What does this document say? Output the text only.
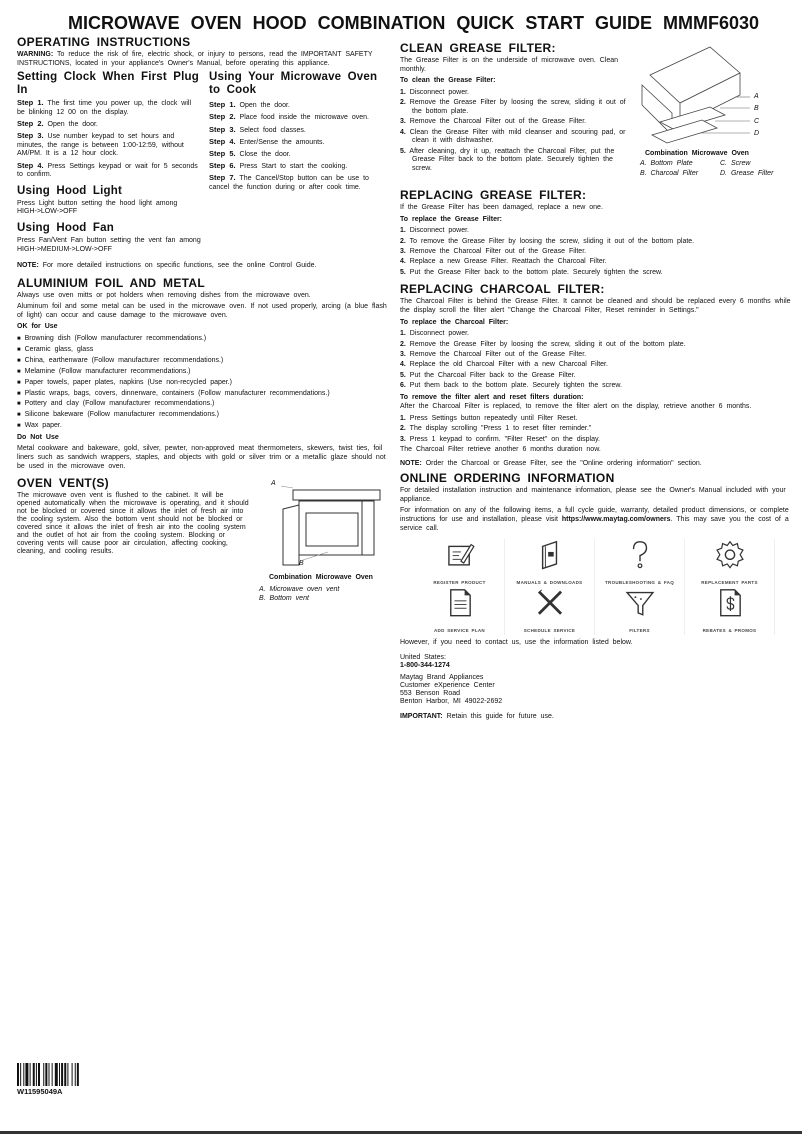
MICROWAVE OVEN HOOD COMBINATION QUICK START GUIDE MMMF6030
OPERATING INSTRUCTIONS

WARNING: To reduce the risk of fire, electric shock, or injury to persons, read the IMPORTANT SAFETY INSTRUCTIONS, located in your appliance's Owner's Manual, before operating this appliance.

Setting Clock When First Plug In
Step 1. The first time you power up, the clock will be blinking 12 00 on the display.
Step 2. Open the door.
Step 3. Use number keypad to set hours and minutes, the range is between 1:00-12:59, without AM/PM. It is a 12 hour clock.
Step 4. Press Settings keypad or wait for 5 seconds to confirm.
Using Hood Light

Press Light button setting the hood light among HIGH->LOW->OFF

Using Hood Fan

Press Fan/Vent Fan button setting the vent fan among HIGH->MEDIUM->LOW->OFF

Using Your Microwave Oven to Cook
Step 1. Open the door.
Step 2. Place food inside the microwave oven.
Step 3. Select food classes.
Step 4. Enter/Sense the amounts.
Step 5. Close the door.
Step 6. Press Start to start the cooking.
Step 7. The Cancel/Stop button can be use to cancel the function during or after cook time.

NOTE: For more detailed instructions on specific functions, see the online Control Guide.

ALUMINIUM FOIL AND METAL

Always use oven mitts or pot holders when removing dishes from the microwave oven.

Aluminum foil and some metal can be used in the microwave oven. If not used properly, arcing (a blue flash of light) can occur and cause damage to the microwave oven.

OK for Use
■ Browning dish (Follow manufacturer recommendations.)
■ Ceramic glass, glass
■ China, earthenware (Follow manufacturer recommendations.)
■ Melamine (Follow manufacturer recommendations.)
■ Paper towels, paper plates, napkins (Use non-recycled paper.)
■ Plastic wraps, bags, covers, dinnerware, containers (Follow manufacturer recommendations.)
■ Pottery and clay (Follow manufacturer recommendations.)
■ Silicone bakeware (Follow manufacturer recommendations.)
■ Wax paper.
Do Not Use

Metal cookware and bakeware, gold, silver, pewter, non-approved meat thermometers, skewers, twist ties, foil liners such as sandwich wrappers, staples, and objects with gold or silver trim or a metallic glaze should not be used in the microwave oven.

OVEN VENT(S)

The microwave oven vent is flushed to the cabinet. It will be opened automatically when the microwave is operating, and it should not be blocked or covered since it allows the inlet of fresh air into the cooling system. Also the bottom vent should not be blocked or covered since it allows the inlet of fresh air into the cooling system and the outlet of hot air from the cooling system. Blocking or covering vents will cause poor air circulation, affecting cooking, cleaning, and cooling results.

A
B
Combination Microwave Oven
A. Microwave oven vent
B. Bottom vent
CLEAN GREASE FILTER:

The Grease Filter is on the underside of microwave oven. Clean monthly.

To clean the Grease Filter:
1. Disconnect power.
2. Remove the Grease Filter by loosing the screw, sliding it out of the bottom plate.
3. Remove the Charcoal Filter out of the Grease Filter.
4. Clean the Grease Filter with mild cleanser and scouring pad, or clean it with dishwasher.
5. After cleaning, dry it up, reattach the Charcoal Filter, put the Grease Filter back to the bottom plate. Securely tighten the screw.
A
B
C
D
Combination Microwave Oven
A. Bottom Plate	C. Screw
B. Charcoal Filter	D. Grease Filter
REPLACING GREASE FILTER:

If the Grease Filter has been damaged, replace a new one.

To replace the Grease Filter:
1. Disconnect power.
2. To remove the Grease Filter by loosing the screw, sliding it out of the bottom plate.
3. Remove the Charcoal Filter out of the Grease Filter.
4. Replace a new Grease Filter. Reattach the Charcoal Filter.
5. Put the Grease Filter back to the bottom plate. Securely tighten the screw.
REPLACING CHARCOAL FILTER:

The Charcoal Filter is behind the Grease Filter. It cannot be cleaned and should be replaced every 6 months while the display scroll the filter alert "Change the Charcoal Filter, Reset reminder in Settings."

To replace the Charcoal Filter:
1. Disconnect power.
2. Remove the Grease Filter by loosing the screw, sliding it out of the bottom plate.
3. Remove the Charcoal Filter out of the Grease Filter.
4. Replace the old Charcoal Filter with a new Charcoal Filter.
5. Put the Charcoal Filter back to the Grease Filter.
6. Put them back to the bottom plate. Securely tighten the screw.
To remove the filter alert and reset filters duration:

After the Charcoal Filter is replaced, to remove the filter alert on the display, retrieve another 6 months.

1. Press Settings button repeatedly until Filter Reset.
2. The display scrolling "Press 1 to reset filter reminder."
3. Press 1 keypad to confirm. "Filter Reset" on the display.

The Charcoal Filter retrieve another 6 months duration now.

NOTE: Order the Charcoal or Grease Filter, see the "Online ordering information" section.

ONLINE ORDERING INFORMATION

For detailed installation instruction and maintenance information, please see the Owner's Manual included with your appliance.

For information on any of the following items, a full cycle guide, warranty, detailed product dimensions, or complete instructions for use and installation, please visit https://www.maytag.com/owners. This may save you the cost of a service call.

REGISTER PRODUCT	MANUALS & DOWNLOADS	TROUBLESHOOTING & FAQ	REPLACEMENT PARTS
ADD SERVICE PLAN	SCHEDULE SERVICE	FILTERS	REBATES & PROMOS

However, if you need to contact us, use the information listed below.

United States:

1-800-344-1274

Maytag Brand Appliances
Customer eXperience Center
553 Benson Road
Benton Harbor, MI 49022-2692

IMPORTANT: Retain this guide for future use.

W11595049A
